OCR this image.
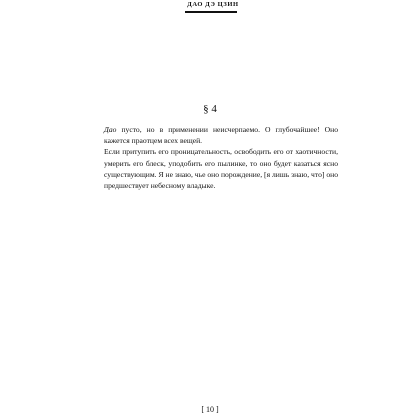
ДАО ДЭ ЦЗИН
§ 4

Дао пусто, но в применении неисчерпаемо. О глубочайшее! Оно кажется праотцем всех вещей.

Если притупить его проницательность, освободить его от хаотичности, умерить его блеск, уподобить его пылинке, то оно будет казаться ясно существующим. Я не знаю, чье оно порождение, [я лишь знаю, что] оно предшествует небесному владыке.

[ 10 ]
